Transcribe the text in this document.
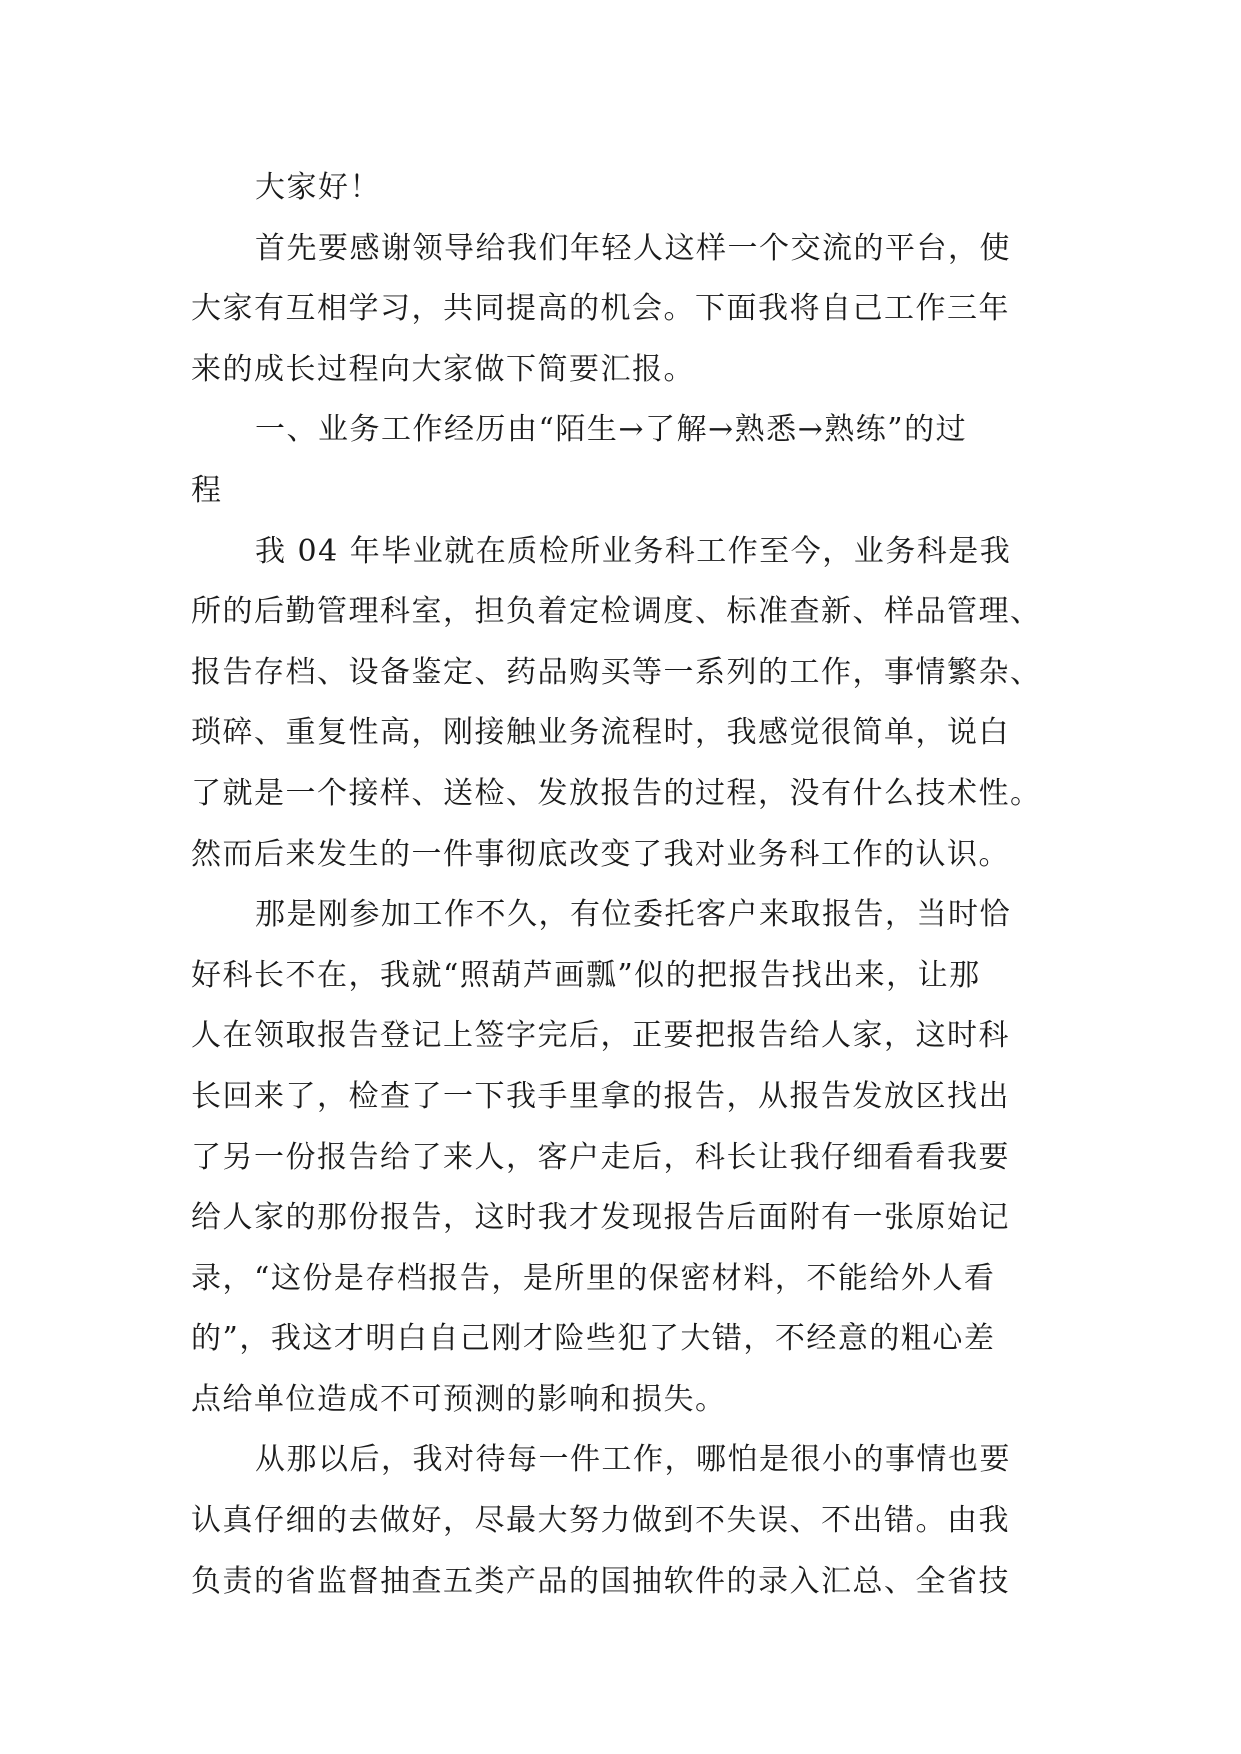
大家好！

首先要感谢领导给我们年轻人这样一个交流的平台，使
大家有互相学习，共同提高的机会。下面我将自己工作三年
来的成长过程向大家做下简要汇报。

一、业务工作经历由“陌生→了解→熟悉→熟练”的过
程

我 04 年毕业就在质检所业务科工作至今，业务科是我
所的后勤管理科室，担负着定检调度、标准查新、样品管理、
报告存档、设备鉴定、药品购买等一系列的工作，事情繁杂、
琐碎、重复性高，刚接触业务流程时，我感觉很简单，说白
了就是一个接样、送检、发放报告的过程，没有什么技术性。
然而后来发生的一件事彻底改变了我对业务科工作的认识。

那是刚参加工作不久，有位委托客户来取报告，当时恰
好科长不在，我就“照葫芦画瓢”似的把报告找出来，让那
人在领取报告登记上签字完后，正要把报告给人家，这时科
长回来了，检查了一下我手里拿的报告，从报告发放区找出
了另一份报告给了来人，客户走后，科长让我仔细看看我要
给人家的那份报告，这时我才发现报告后面附有一张原始记
录，“这份是存档报告，是所里的保密材料，不能给外人看
的”，我这才明白自己刚才险些犯了大错，不经意的粗心差
点给单位造成不可预测的影响和损失。

从那以后，我对待每一件工作，哪怕是很小的事情也要
认真仔细的去做好，尽最大努力做到不失误、不出错。由我
负责的省监督抽查五类产品的国抽软件的录入汇总、全省技
